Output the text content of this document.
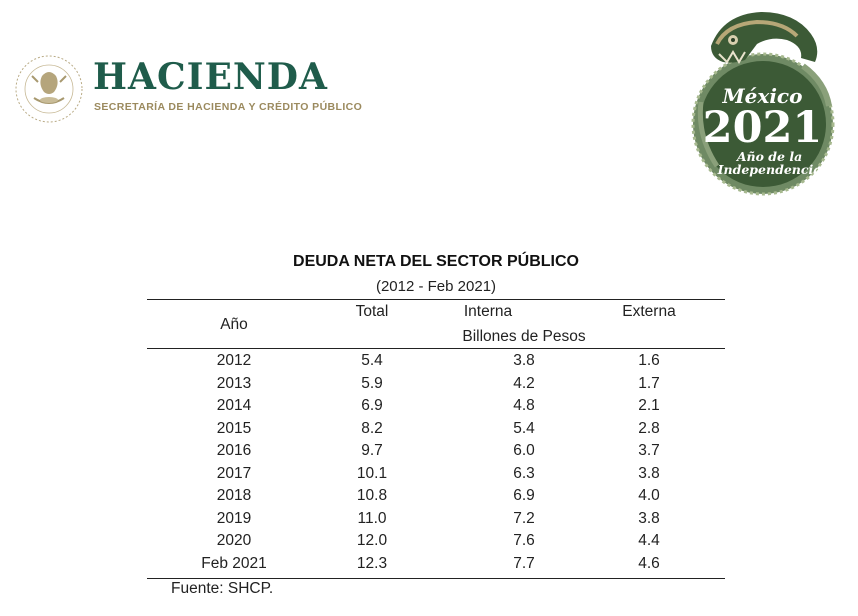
HACIENDA
SECRETARÍA DE HACIENDA Y CRÉDITO PÚBLICO	México
2021
Año de la
Independencia
DEUDA NETA DEL SECTOR PÚBLICO
(2012 - Feb 2021)
Año
Total	Interna	Externa
Billones de Pesos
2012	5.4	3.8	1.6
2013	5.9	4.2	1.7
2014	6.9	4.8	2.1
2015	8.2	5.4	2.8
2016	9.7	6.0	3.7
2017	10.1	6.3	3.8
2018	10.8	6.9	4.0
2019	11.0	7.2	3.8
2020	12.0	7.6	4.4
Feb 2021	12.3	7.7	4.6
Fuente: SHCP.
